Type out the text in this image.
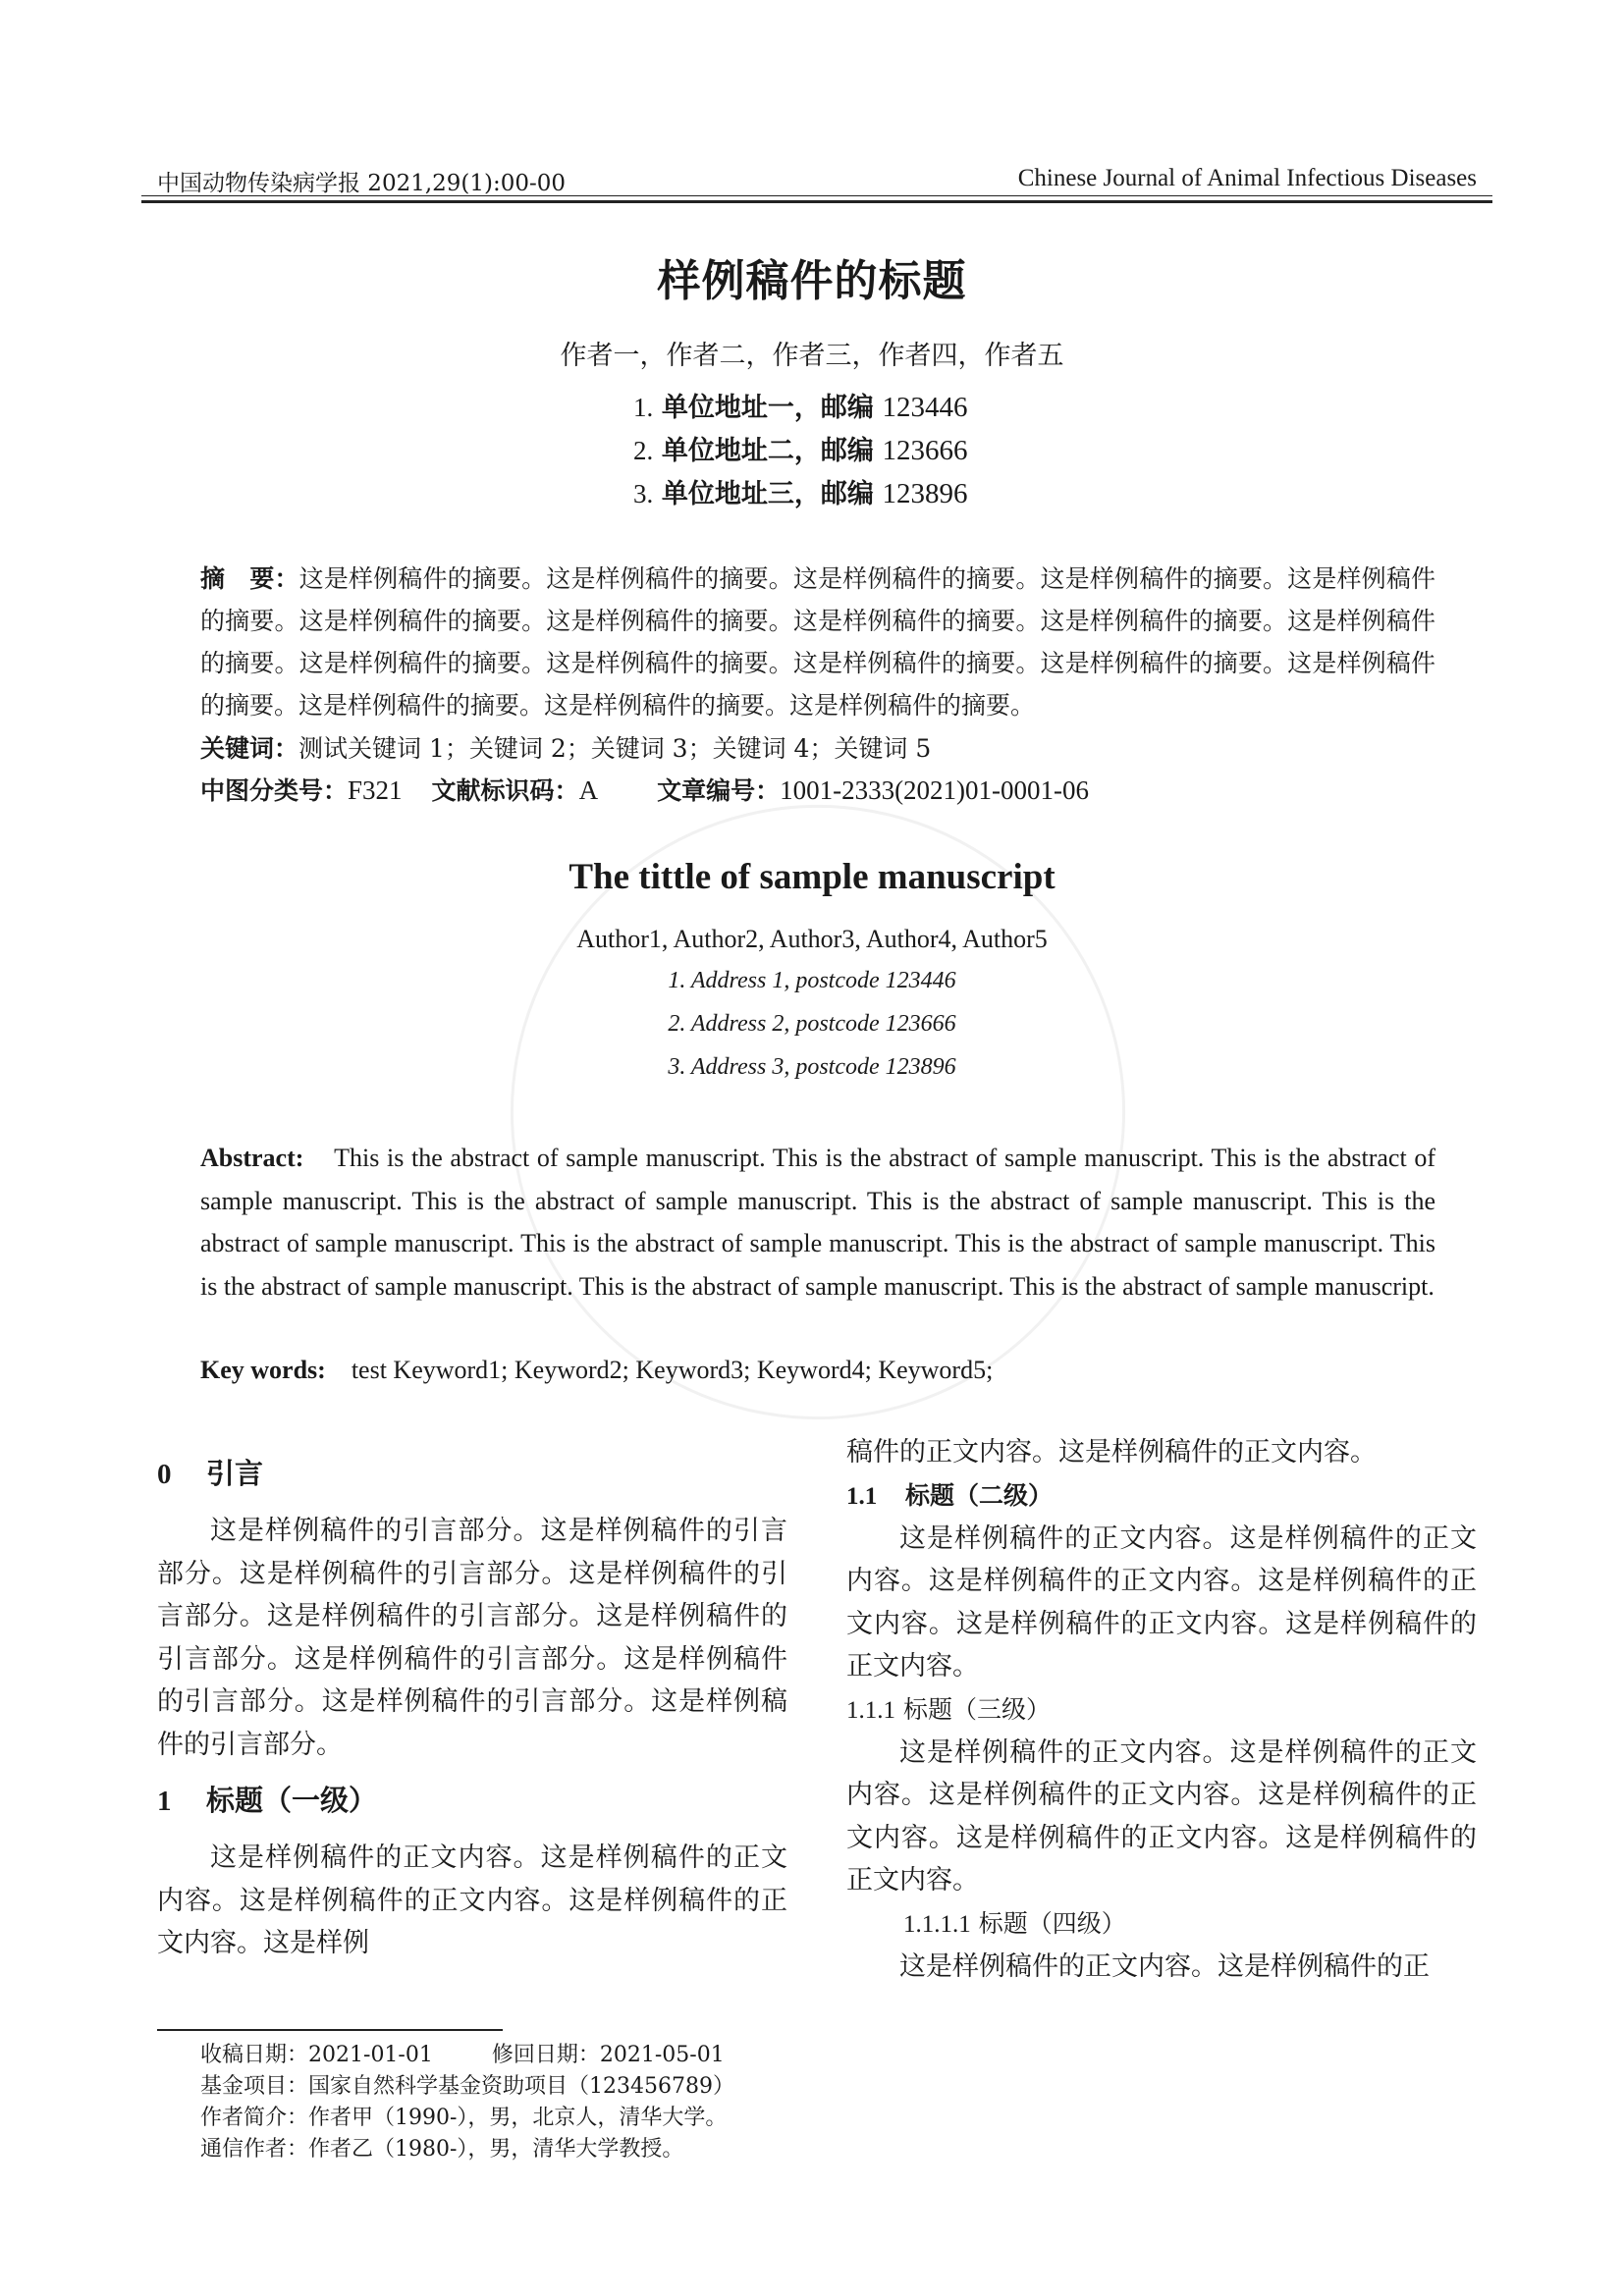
中国动物传染病学报 2021,29(1):00-00	Chinese Journal of Animal Infectious Diseases
样例稿件的标题
作者一，作者二，作者三，作者四，作者五
1. 单位地址一，邮编 123446
2. 单位地址二，邮编 123666
3. 单位地址三，邮编 123896
摘　要：这是样例稿件的摘要。这是样例稿件的摘要。这是样例稿件的摘要。这是样例稿件的摘要。这是样例稿件的摘要。这是样例稿件的摘要。这是样例稿件的摘要。这是样例稿件的摘要。这是样例稿件的摘要。这是样例稿件的摘要。这是样例稿件的摘要。这是样例稿件的摘要。这是样例稿件的摘要。这是样例稿件的摘要。这是样例稿件的摘要。这是样例稿件的摘要。这是样例稿件的摘要。这是样例稿件的摘要。
关键词：测试关键词 1；关键词 2；关键词 3；关键词 4；关键词 5
中图分类号：F321 文献标识码：A 文章编号：1001-2333(2021)01-0001-06
The tittle of sample manuscript
Author1, Author2, Author3, Author4, Author5
1. Address 1, postcode 123446
2. Address 2, postcode 123666
3. Address 3, postcode 123896
Abstract: This is the abstract of sample manuscript. This is the abstract of sample manuscript. This is the abstract of sample manuscript. This is the abstract of sample manuscript. This is the abstract of sample manuscript. This is the abstract of sample manuscript. This is the abstract of sample manuscript. This is the abstract of sample manuscript. This is the abstract of sample manuscript. This is the abstract of sample manuscript. This is the abstract of sample manuscript.
Key words: test Keyword1; Keyword2; Keyword3; Keyword4; Keyword5;

0 引言

这是样例稿件的引言部分。这是样例稿件的引言部分。这是样例稿件的引言部分。这是样例稿件的引言部分。这是样例稿件的引言部分。这是样例稿件的引言部分。这是样例稿件的引言部分。这是样例稿件的引言部分。这是样例稿件的引言部分。这是样例稿件的引言部分。

1 标题（一级）

这是样例稿件的正文内容。这是样例稿件的正文内容。这是样例稿件的正文内容。这是样例稿件的正文内容。这是样例

稿件的正文内容。这是样例稿件的正文内容。

1.1 标题（二级）

这是样例稿件的正文内容。这是样例稿件的正文内容。这是样例稿件的正文内容。这是样例稿件的正文内容。这是样例稿件的正文内容。这是样例稿件的正文内容。

1.1.1 标题（三级）

这是样例稿件的正文内容。这是样例稿件的正文内容。这是样例稿件的正文内容。这是样例稿件的正文内容。这是样例稿件的正文内容。这是样例稿件的正文内容。

1.1.1.1 标题（四级）

这是样例稿件的正文内容。这是样例稿件的正

收稿日期：2021-01-01	修回日期：2021-05-01
基金项目：国家自然科学基金资助项目（123456789）
作者简介：作者甲（1990-），男，北京人，清华大学。
通信作者：作者乙（1980-），男，清华大学教授。
